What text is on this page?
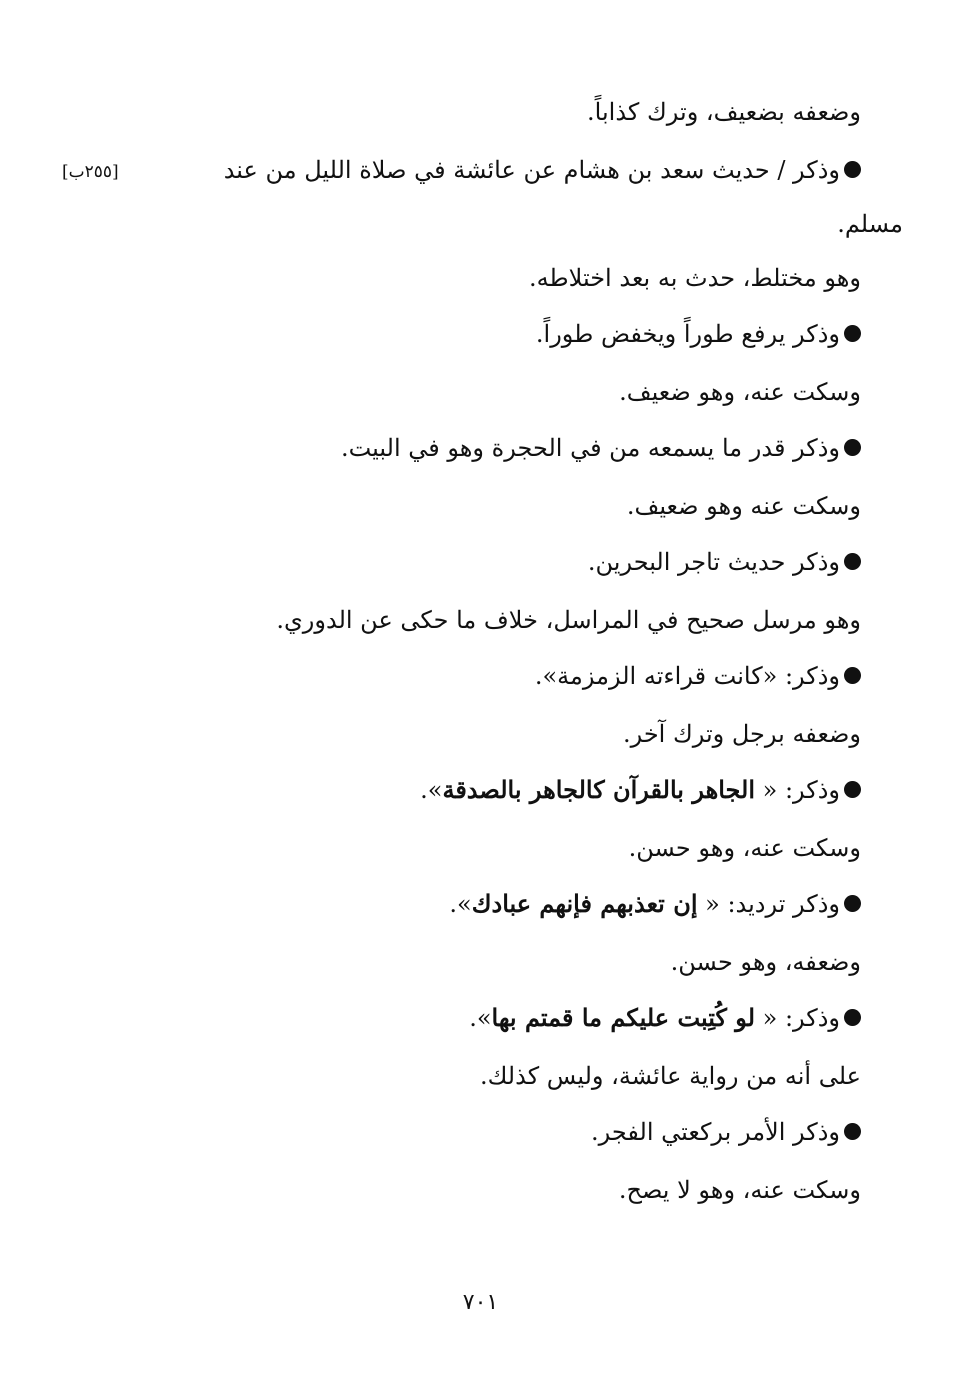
وضعفه بضعيف، وترك كذاباً.
وذكر / حديث سعد بن هشام عن عائشة في صلاة الليل من عند
[٢٥٥ب]
مسلم.
وهو مختلط، حدث به بعد اختلاطه.
وذكر يرفع طوراً ويخفض طوراً.
وسكت عنه، وهو ضعيف.
وذكر قدر ما يسمعه من في الحجرة وهو في البيت.
وسكت عنه وهو ضعيف.
وذكر حديث تاجر البحرين.
وهو مرسل صحيح في المراسل، خلاف ما حكى عن الدوري.
وذكر: «كانت قراءته الزمزمة».
وضعفه برجل وترك آخر.
وذكر: « الجاهر بالقرآن كالجاهر بالصدقة».
وسكت عنه، وهو حسن.
وذكر ترديد: « إن تعذبهم فإنهم عبادك».
وضعفه، وهو حسن.
وذكر: « لو كُتِبت عليكم ما قمتم بها».
على أنه من رواية عائشة، وليس كذلك.
وذكر الأمر بركعتي الفجر.
وسكت عنه، وهو لا يصح.
٧٠١
